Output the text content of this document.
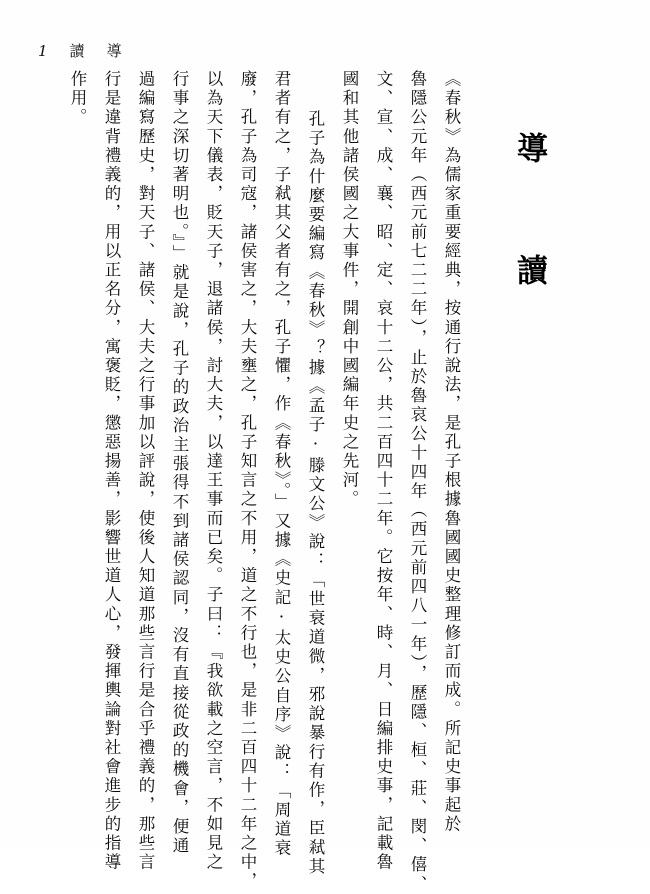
導
讀
1
導　讀
《春秋》為儒家重要經典，按通行說法，是孔子根據魯國國史整理修訂而成。所記史事起於
魯隱公元年（西元前七二二年），止於魯哀公十四年（西元前四八一年），歷隱、桓、莊、閔、僖、
文、宣、成、襄、昭、定、哀十二公，共二百四十二年。它按年、時、月、日編排史事，記載魯
國和其他諸侯國之大事件，開創中國編年史之先河。
孔子為什麼要編寫《春秋》？據《孟子·滕文公》說：「世衰道微，邪說暴行有作，臣弒其
君者有之，子弒其父者有之，孔子懼，作《春秋》。」又據《史記·太史公自序》說：「周道衰
廢，孔子為司寇，諸侯害之，大夫壅之，孔子知言之不用，道之不行也，是非二百四十二年之中，
以為天下儀表，貶天子，退諸侯，討大夫，以達王事而已矣。子曰：『我欲載之空言，不如見之
行事之深切著明也。』」就是說，孔子的政治主張得不到諸侯認同，沒有直接從政的機會，便通
過編寫歷史，對天子、諸侯、大夫之行事加以評說，使後人知道那些言行是合乎禮義的，那些言
行是違背禮義的，用以正名分，寓褒貶，懲惡揚善，影響世道人心，發揮輿論對社會進步的指導
作用。
